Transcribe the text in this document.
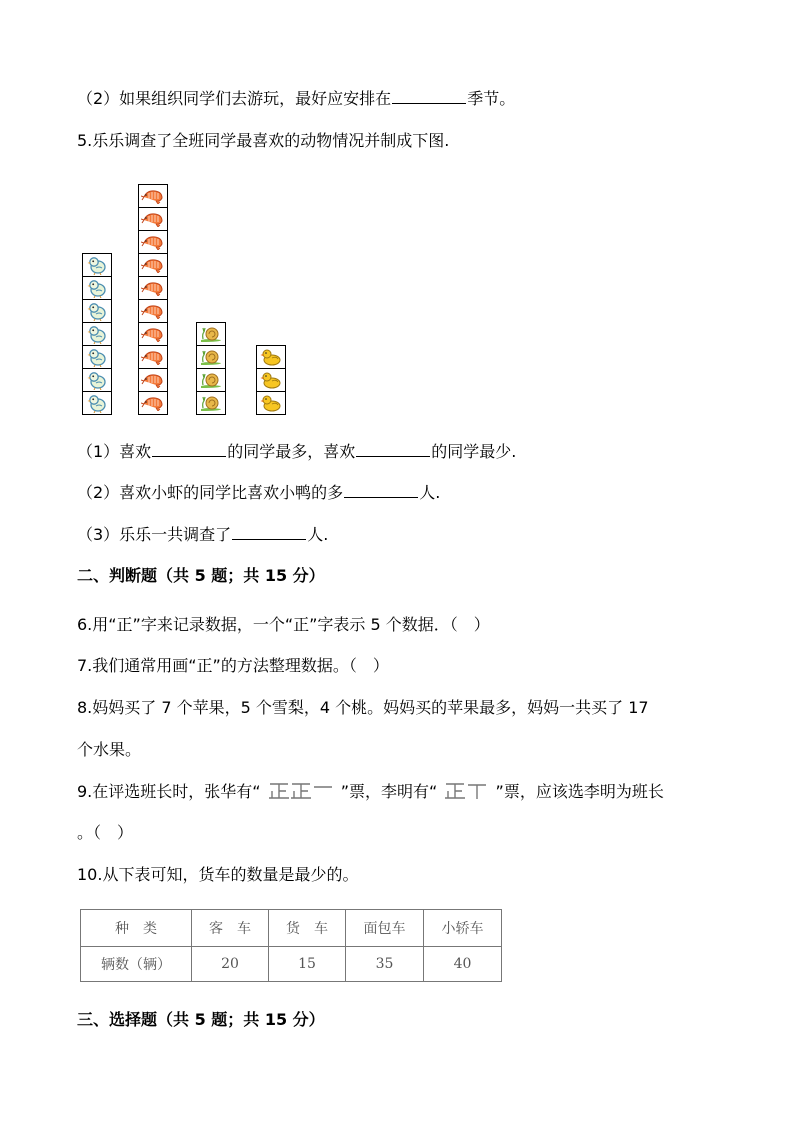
（2）如果组织同学们去游玩，最好应安排在	季节。
5.乐乐调查了全班同学最喜欢的动物情况并制成下图.
（1）喜欢	的同学最多，喜欢	的同学最少.
（2）喜欢小虾的同学比喜欢小鸭的多	人.
（3）乐乐一共调查了	人.
二、判断题（共 5 题；共 15 分）
6.用“正”字来记录数据，一个“正”字表示 5 个数据．（　）
7.我们通常用画“正”的方法整理数据。（　）
8.妈妈买了 7 个苹果，5 个雪梨，4 个桃。妈妈买的苹果最多，妈妈一共买了 17
个水果。
9.在评选班长时，张华有“	”票，李明有“	”票，应该选李明为班长
。（　）
10.从下表可知，货车的数量是最少的。
种　类	客　车	货　车	面包车	小轿车
辆数（辆）	20	15	35	40
三、选择题（共 5 题；共 15 分）
